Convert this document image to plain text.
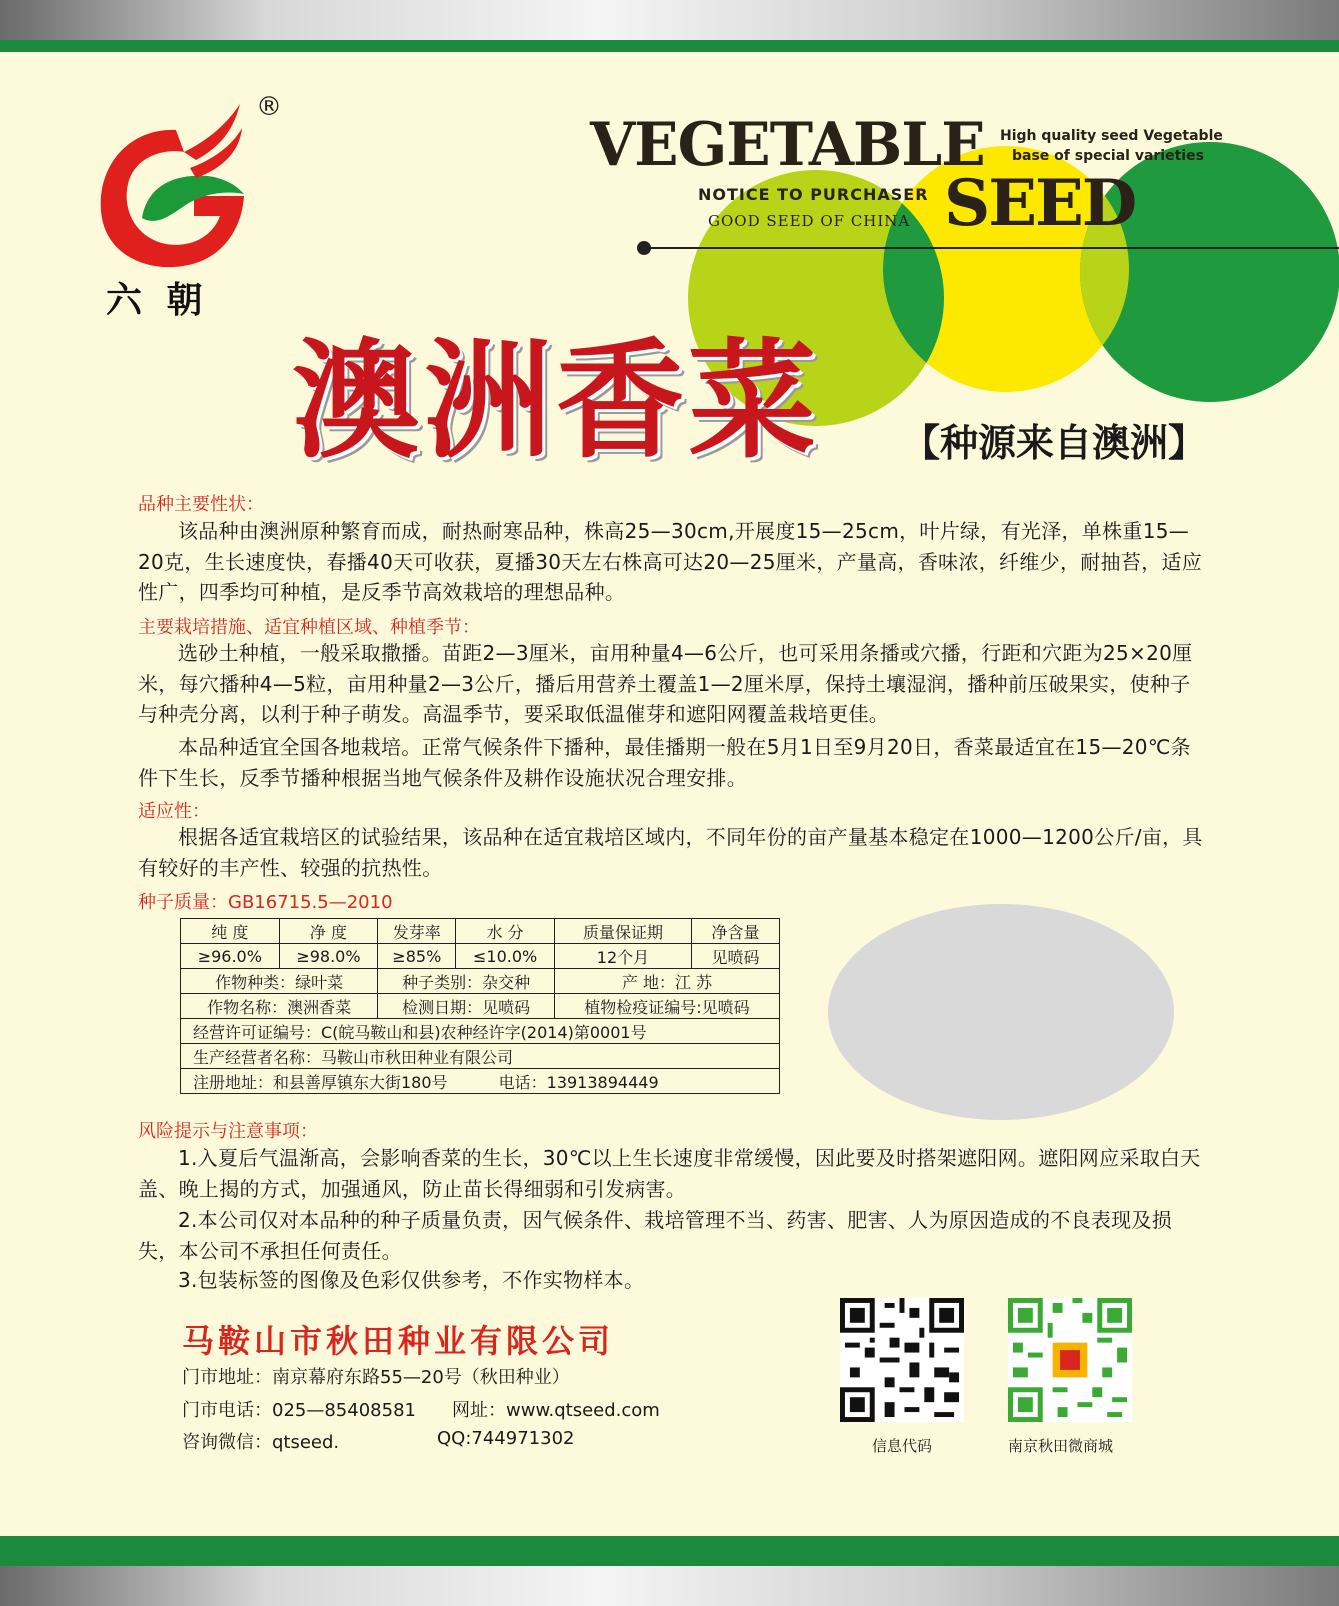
®
六 朝
VEGETABLE High quality seed Vegetable
base of special varieties
NOTICE TO PURCHASER
GOOD SEED OF CHINA SEED
澳洲香菜 【种源来自澳洲】
品种主要性状：
该品种由澳洲原种繁育而成，耐热耐寒品种，株高25—30cm,开展度15—25cm，叶片绿，有光泽，单株重15—20克，生长速度快，春播40天可收获，夏播30天左右株高可达20—25厘米，产量高，香味浓，纤维少，耐抽苔，适应性广，四季均可种植，是反季节高效栽培的理想品种。
主要栽培措施、适宜种植区域、种植季节：
选砂土种植，一般采取撒播。苗距2—3厘米，亩用种量4—6公斤，也可采用条播或穴播，行距和穴距为25×20厘米，每穴播种4—5粒，亩用种量2—3公斤，播后用营养土覆盖1—2厘米厚，保持土壤湿润，播种前压破果实，使种子与种壳分离，以利于种子萌发。高温季节，要采取低温催芽和遮阳网覆盖栽培更佳。
本品种适宜全国各地栽培。正常气候条件下播种，最佳播期一般在5月1日至9月20日，香菜最适宜在15—20℃条件下生长，反季节播种根据当地气候条件及耕作设施状况合理安排。
适应性：
根据各适宜栽培区的试验结果，该品种在适宜栽培区域内，不同年份的亩产量基本稳定在1000—1200公斤/亩，具有较好的丰产性、较强的抗热性。
种子质量：GB16715.5—2010
纯 度	净 度	发芽率	水 分	质量保证期	净含量
≥96.0%	≥98.0%	≥85%	≤10.0%	12个月	见喷码
作物种类：绿叶菜		种子类别：杂交种		产 地：江 苏	
作物名称：澳洲香菜		检测日期：见喷码		植物检疫证编号:见喷码	
经营许可证编号：C(皖马鞍山和县)农种经许字(2014)第0001号					
生产经营者名称：马鞍山市秋田种业有限公司					
注册地址：和县善厚镇东大街180号 电话：13913894449					
风险提示与注意事项：
1.入夏后气温渐高，会影响香菜的生长，30℃以上生长速度非常缓慢，因此要及时搭架遮阳网。遮阳网应采取白天盖、晚上揭的方式，加强通风，防止苗长得细弱和引发病害。
2.本公司仅对本品种的种子质量负责，因气候条件、栽培管理不当、药害、肥害、人为原因造成的不良表现及损失，本公司不承担任何责任。
3.包装标签的图像及色彩仅供参考，不作实物样本。
马鞍山市秋田种业有限公司
门市地址：南京幕府东路55—20号（秋田种业）
门市电话：025—85408581 网址：www.qtseed.com
咨询微信：qtseed.	QQ:744971302	信息代码	南京秋田微商城
